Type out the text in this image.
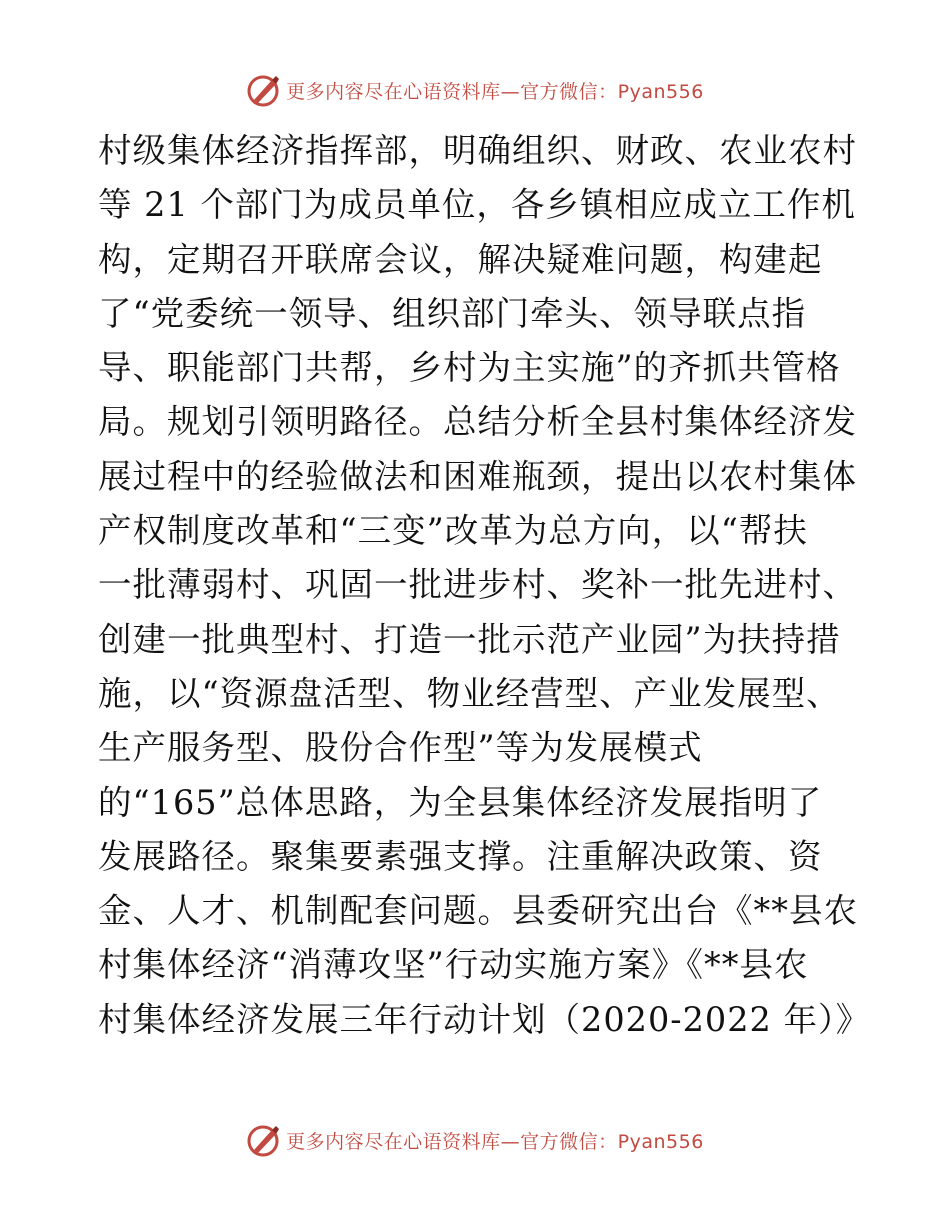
更多内容尽在心语资料库—官方微信：Pyan556
村级集体经济指挥部，明确组织、财政、农业农村
等 21 个部门为成员单位，各乡镇相应成立工作机
构，定期召开联席会议，解决疑难问题，构建起
了“党委统一领导、组织部门牵头、领导联点指
导、职能部门共帮，乡村为主实施”的齐抓共管格
局。规划引领明路径。总结分析全县村集体经济发
展过程中的经验做法和困难瓶颈，提出以农村集体
产权制度改革和“三变”改革为总方向，以“帮扶
一批薄弱村、巩固一批进步村、奖补一批先进村、
创建一批典型村、打造一批示范产业园”为扶持措
施，以“资源盘活型、物业经营型、产业发展型、
生产服务型、股份合作型”等为发展模式
的“165”总体思路，为全县集体经济发展指明了
发展路径。聚集要素强支撑。注重解决政策、资
金、人才、机制配套问题。县委研究出台《**县农
村集体经济“消薄攻坚”行动实施方案》《**县农
村集体经济发展三年行动计划（2020-2022 年）》
更多内容尽在心语资料库—官方微信：Pyan556
